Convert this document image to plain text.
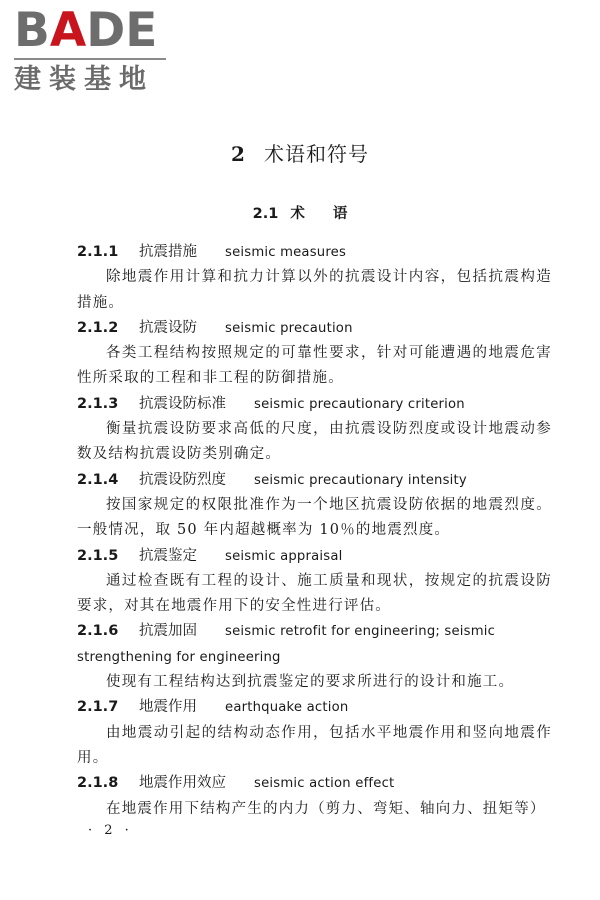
BADE
建装基地
2 术语和符号
2.1 术 语
2.1.1 抗震措施 seismic measures
除地震作用计算和抗力计算以外的抗震设计内容，包括抗震构造措施。
2.1.2 抗震设防 seismic precaution
各类工程结构按照规定的可靠性要求，针对可能遭遇的地震危害性所采取的工程和非工程的防御措施。
2.1.3 抗震设防标准 seismic precautionary criterion
衡量抗震设防要求高低的尺度，由抗震设防烈度或设计地震动参数及结构抗震设防类别确定。
2.1.4 抗震设防烈度 seismic precautionary intensity
按国家规定的权限批准作为一个地区抗震设防依据的地震烈度。一般情况，取 50 年内超越概率为 10％的地震烈度。
2.1.5 抗震鉴定 seismic appraisal
通过检查既有工程的设计、施工质量和现状，按规定的抗震设防要求，对其在地震作用下的安全性进行评估。
2.1.6 抗震加固 seismic retrofit for engineering; seismic strengthening for engineering
使现有工程结构达到抗震鉴定的要求所进行的设计和施工。
2.1.7 地震作用 earthquake action
由地震动引起的结构动态作用，包括水平地震作用和竖向地震作用。
2.1.8 地震作用效应 seismic action effect
在地震作用下结构产生的内力（剪力、弯矩、轴向力、扭矩等）
· 2 ·
